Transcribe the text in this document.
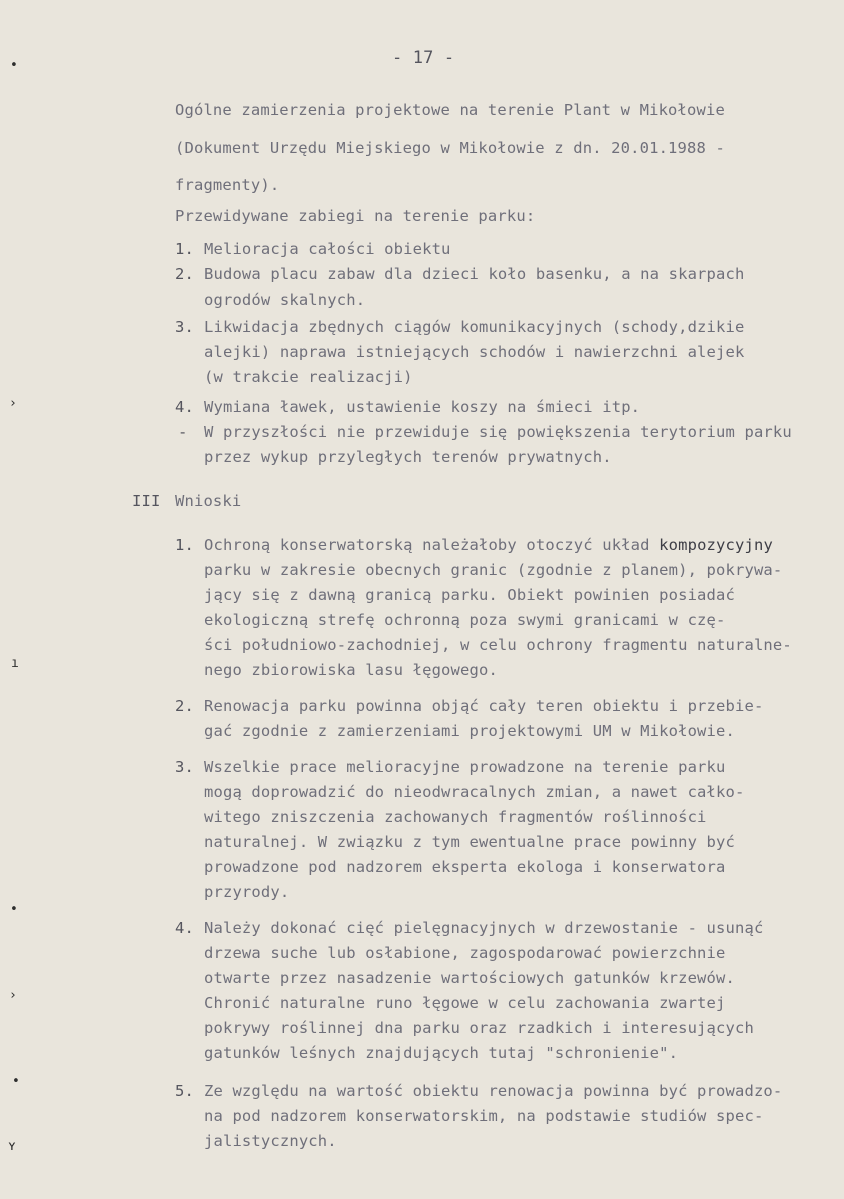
- 17 -
Ogólne zamierzenia projektowe na terenie Plant w Mikołowie
(Dokument Urzędu Miejskiego w Mikołowie z dn. 20.01.1988 -
fragmenty).
Przewidywane zabiegi na terenie parku:
1. Melioracja całości obiektu
2. Budowa placu zabaw dla dzieci koło basenku, a na skarpach
ogrodów skalnych.
3. Likwidacja zbędnych ciągów komunikacyjnych (schody,dzikie
alejki) naprawa istniejących schodów i nawierzchni alejek
(w trakcie realizacji)
4. Wymiana ławek, ustawienie koszy na śmieci itp.
- W przyszłości nie przewiduje się powiększenia terytorium parku
przez wykup przyległych terenów prywatnych.
III Wnioski
1. Ochroną konserwatorską należałoby otoczyć układ kompozycyjny
parku w zakresie obecnych granic (zgodnie z planem), pokrywa-
jący się z dawną granicą parku. Obiekt powinien posiadać
ekologiczną strefę ochronną poza swymi granicami w czę-
ści południowo-zachodniej, w celu ochrony fragmentu naturalne-
nego zbiorowiska lasu łęgowego.
2. Renowacja parku powinna objąć cały teren obiektu i przebie-
gać zgodnie z zamierzeniami projektowymi UM w Mikołowie.
3. Wszelkie prace melioracyjne prowadzone na terenie parku
mogą doprowadzić do nieodwracalnych zmian, a nawet całko-
witego zniszczenia zachowanych fragmentów roślinności
naturalnej. W związku z tym ewentualne prace powinny być
prowadzone pod nadzorem eksperta ekologa i konserwatora
przyrody.
4. Należy dokonać cięć pielęgnacyjnych w drzewostanie - usunąć
drzewa suche lub osłabione, zagospodarować powierzchnie
otwarte przez nasadzenie wartościowych gatunków krzewów.
Chronić naturalne runo łęgowe w celu zachowania zwartej
pokrywy roślinnej dna parku oraz rzadkich i interesujących
gatunków leśnych znajdujących tutaj "schronienie".
5. Ze względu na wartość obiektu renowacja powinna być prowadzo-
na pod nadzorem konserwatorskim, na podstawie studiów spec-
jalistycznych.
•
›
ı
•
›
•
ʏ
